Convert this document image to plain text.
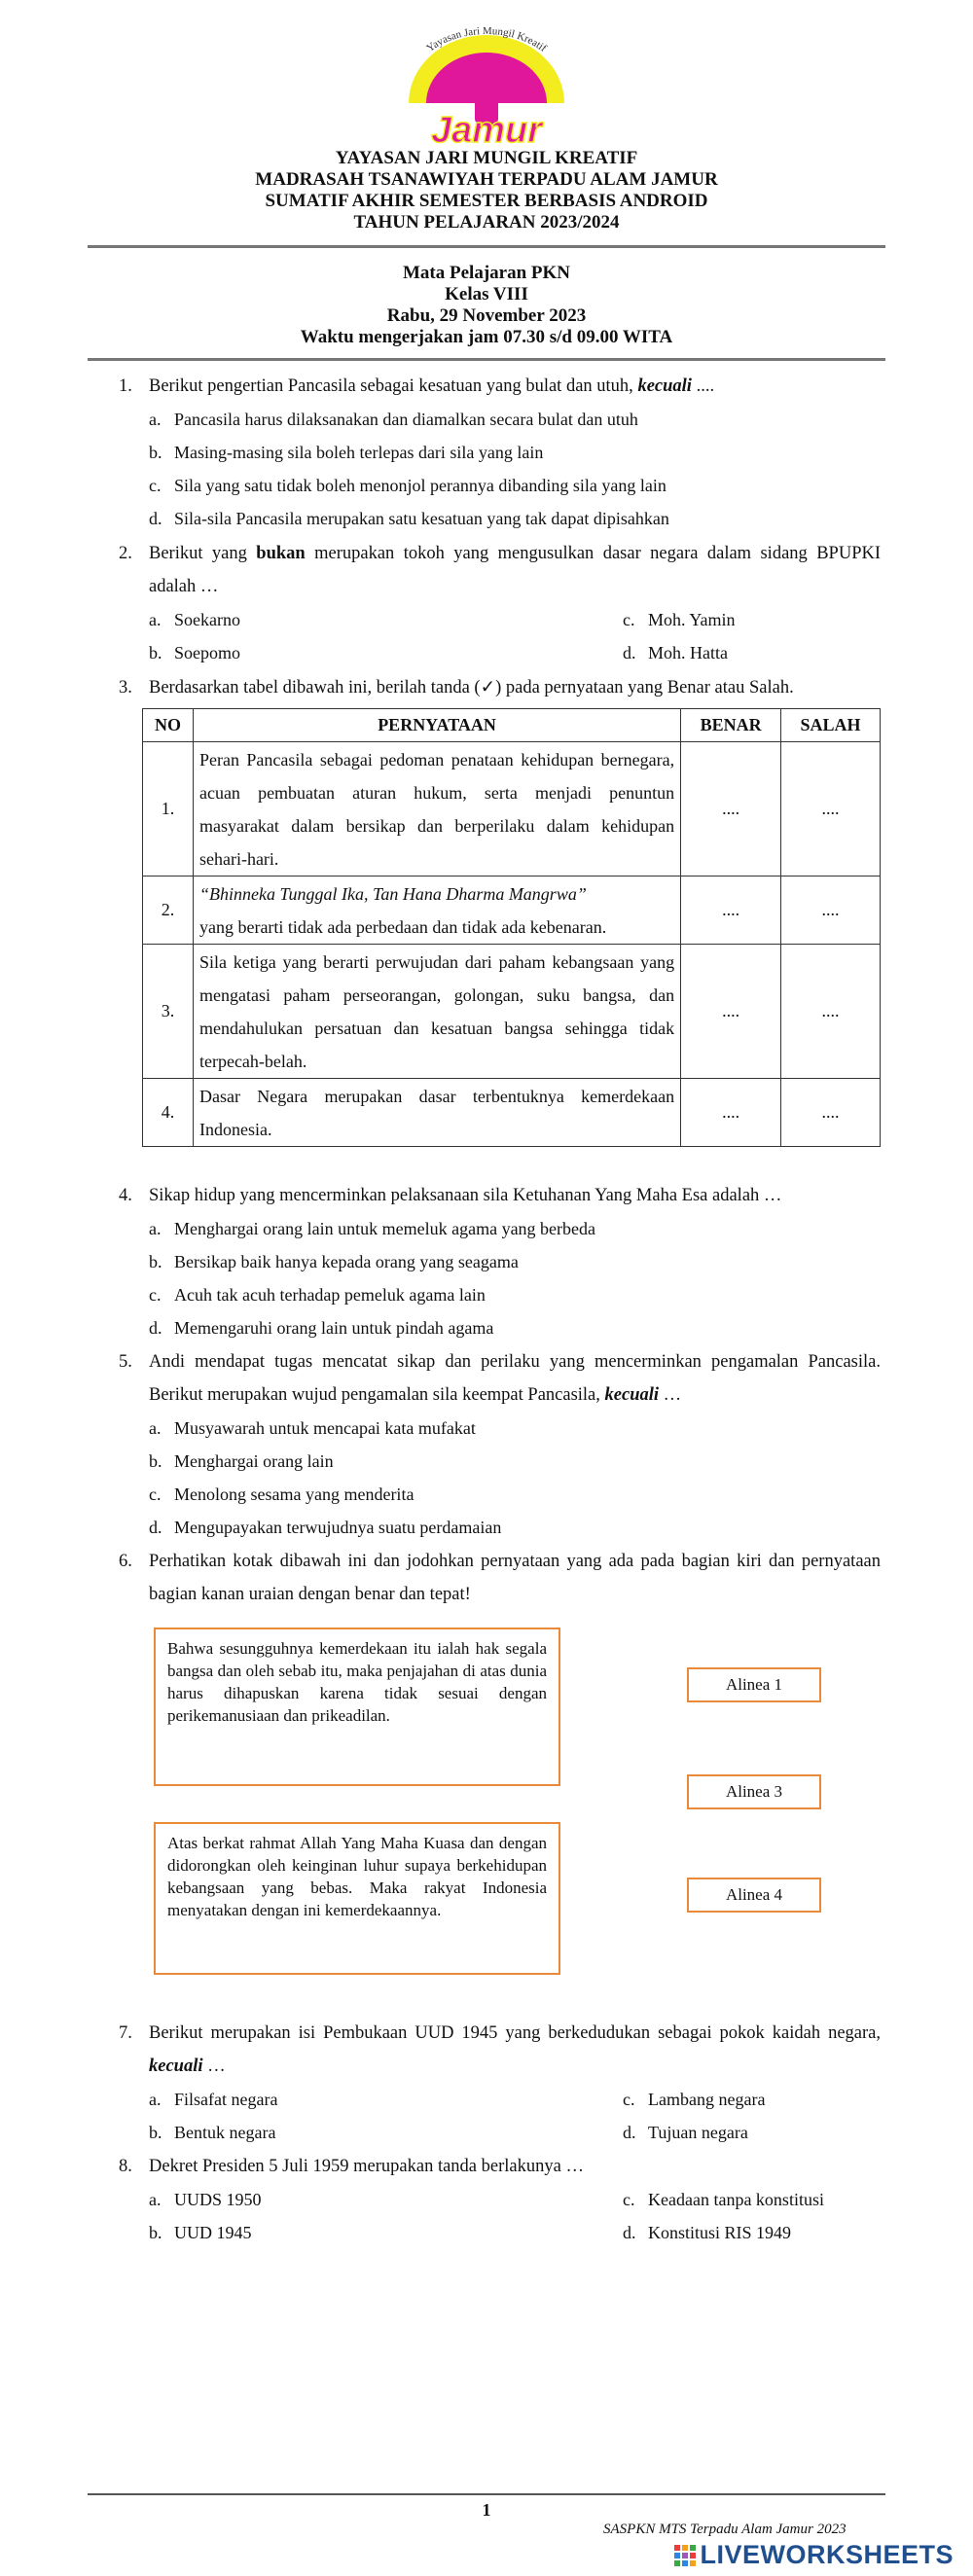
Yayasan Jari Mungil Kreatif
Jamur
YAYASAN JARI MUNGIL KREATIF
MADRASAH TSANAWIYAH TERPADU ALAM JAMUR
SUMATIF AKHIR SEMESTER BERBASIS ANDROID
TAHUN PELAJARAN 2023/2024
Mata Pelajaran PKN
Kelas VIII
Rabu, 29 November 2023
Waktu mengerjakan jam 07.30 s/d 09.00 WITA
1. Berikut pengertian Pancasila sebagai kesatuan yang bulat dan utuh, kecuali ....
a. Pancasila harus dilaksanakan dan diamalkan secara bulat dan utuh
b. Masing-masing sila boleh terlepas dari sila yang lain
c. Sila yang satu tidak boleh menonjol perannya dibanding sila yang lain
d. Sila-sila Pancasila merupakan satu kesatuan yang tak dapat dipisahkan
2. Berikut yang bukan merupakan tokoh yang mengusulkan dasar negara dalam sidang BPUPKI adalah …
a. Soekarno
b. Soepomo
c. Moh. Yamin
d. Moh. Hatta
3. Berdasarkan tabel dibawah ini, berilah tanda (✓) pada pernyataan yang Benar atau Salah.
NO	PERNYATAAN	BENAR	SALAH
1.	Peran Pancasila sebagai pedoman penataan kehidupan bernegara, acuan pembuatan aturan hukum, serta menjadi penuntun masyarakat dalam bersikap dan berperilaku dalam kehidupan sehari-hari.	....	....
2.	“Bhinneka Tunggal Ika, Tan Hana Dharma Mangrwa”
yang berarti tidak ada perbedaan dan tidak ada kebenaran.	....	....
3.	Sila ketiga yang berarti perwujudan dari paham kebangsaan yang mengatasi paham perseorangan, golongan, suku bangsa, dan mendahulukan persatuan dan kesatuan bangsa sehingga tidak terpecah-belah.	....	....
4.	Dasar Negara merupakan dasar terbentuknya kemerdekaan Indonesia.	....	....
4. Sikap hidup yang mencerminkan pelaksanaan sila Ketuhanan Yang Maha Esa adalah …
a. Menghargai orang lain untuk memeluk agama yang berbeda
b. Bersikap baik hanya kepada orang yang seagama
c. Acuh tak acuh terhadap pemeluk agama lain
d. Memengaruhi orang lain untuk pindah agama
5. Andi mendapat tugas mencatat sikap dan perilaku yang mencerminkan pengamalan Pancasila. Berikut merupakan wujud pengamalan sila keempat Pancasila, kecuali …
a. Musyawarah untuk mencapai kata mufakat
b. Menghargai orang lain
c. Menolong sesama yang menderita
d. Mengupayakan terwujudnya suatu perdamaian
6. Perhatikan kotak dibawah ini dan jodohkan pernyataan yang ada pada bagian kiri dan pernyataan bagian kanan uraian dengan benar dan tepat!
Bahwa sesungguhnya kemerdekaan itu ialah hak segala bangsa dan oleh sebab itu, maka penjajahan di atas dunia harus dihapuskan karena tidak sesuai dengan perikemanusiaan dan prikeadilan.
Atas berkat rahmat Allah Yang Maha Kuasa dan dengan didorongkan oleh keinginan luhur supaya berkehidupan kebangsaan yang bebas. Maka rakyat Indonesia menyatakan dengan ini kemerdekaannya.
Alinea 1
Alinea 3
Alinea 4
7. Berikut merupakan isi Pembukaan UUD 1945 yang berkedudukan sebagai pokok kaidah negara, kecuali …
a. Filsafat negara
b. Bentuk negara
c. Lambang negara
d. Tujuan negara
8. Dekret Presiden 5 Juli 1959 merupakan tanda berlakunya …
a. UUDS 1950
b. UUD 1945
c. Keadaan tanpa konstitusi
d. Konstitusi RIS 1949
1
SASPKN MTS Terpadu Alam Jamur 2023
LIVEWORKSHEETS
